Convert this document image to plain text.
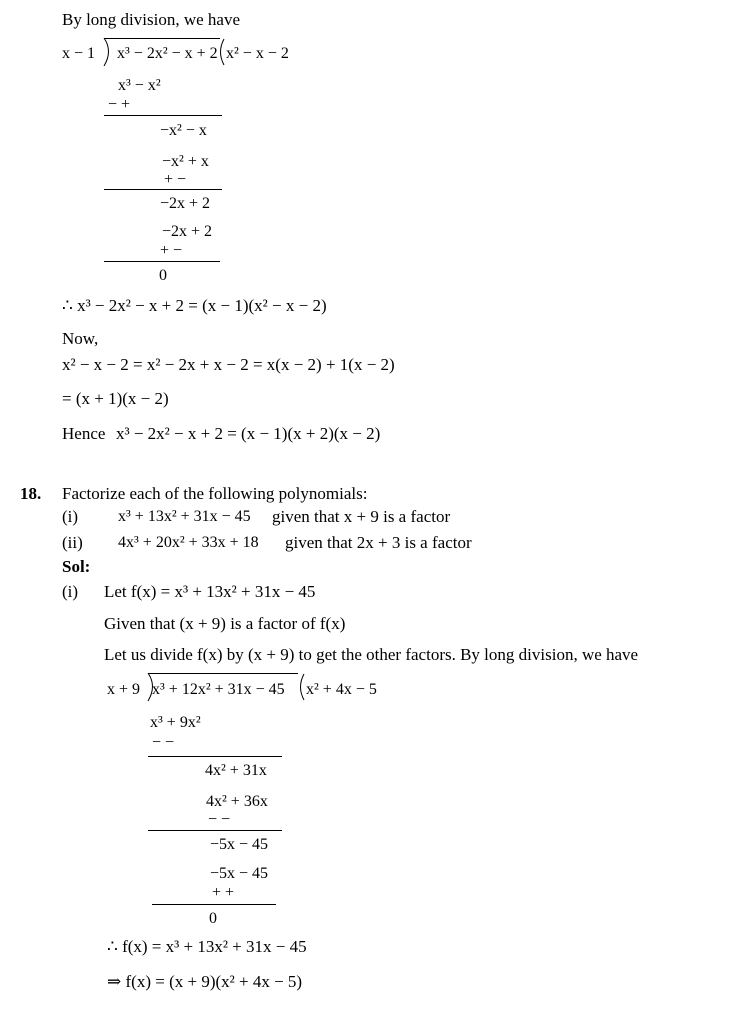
By long division, we have
x − 1 x³ − 2x² − x + 2 x² − x − 2
x³ − x²
− +
−x² − x
−x² + x
+ −
−2x + 2
−2x + 2
+ −
0
∴ x³ − 2x² − x + 2 = (x − 1)(x² − x − 2)
Now,
x² − x − 2 = x² − 2x + x − 2 = x(x − 2) + 1(x − 2)
= (x + 1)(x − 2)
Hence x³ − 2x² − x + 2 = (x − 1)(x + 2)(x − 2)
18. Factorize each of the following polynomials:
(i) x³ + 13x² + 31x − 45 given that x + 9 is a factor
(ii) 4x³ + 20x² + 33x + 18 given that 2x + 3 is a factor
Sol:
(i) Let f(x) = x³ + 13x² + 31x − 45
Given that (x + 9) is a factor of f(x)
Let us divide f(x) by (x + 9) to get the other factors. By long division, we have
x + 9 x³ + 12x² + 31x − 45 x² + 4x − 5
x³ + 9x²
− −
4x² + 31x
4x² + 36x
− −
−5x − 45
−5x − 45
+ +
0
∴ f(x) = x³ + 13x² + 31x − 45
⇒ f(x) = (x + 9)(x² + 4x − 5)
